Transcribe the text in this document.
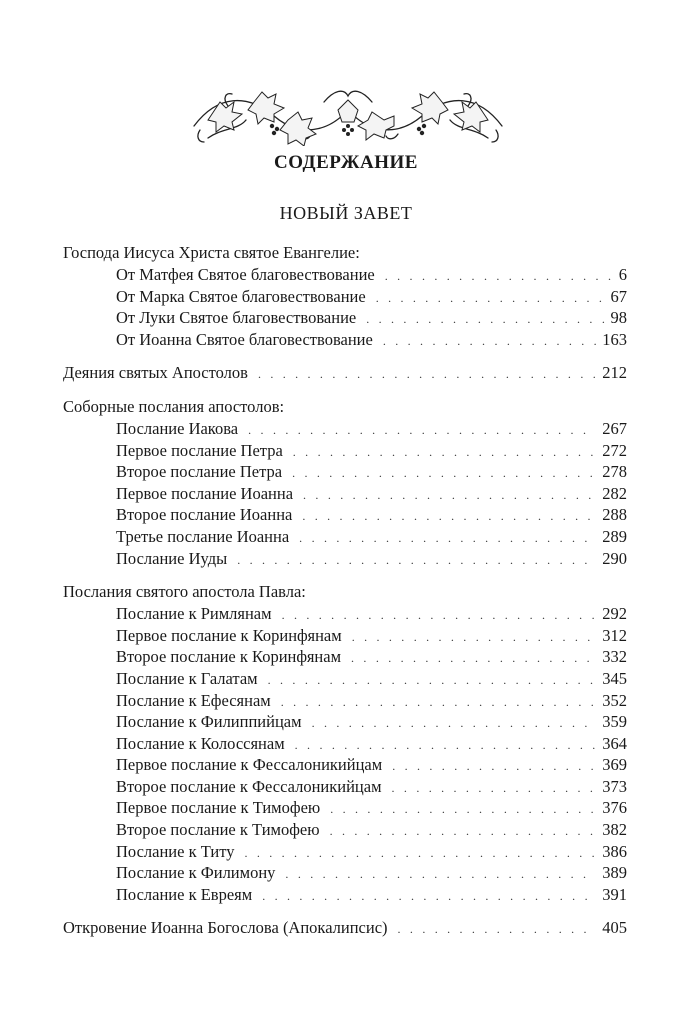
СОДЕРЖАНИЕ
НОВЫЙ ЗАВЕТ
Господа Иисуса Христа святое Евангелие:
От Матфея Святое благовествование . . .	6
От Марка Святое благовествование . . .	67
От Луки Святое благовествование . . .	98
От Иоанна Святое благовествование . . .	163
Деяния святых Апостолов . . .	212
Соборные послания апостолов:
Послание Иакова . . .	267
Первое послание Петра . . .	272
Второе послание Петра . . .	278
Первое послание Иоанна . . .	282
Второе послание Иоанна . . .	288
Третье послание Иоанна . . .	289
Послание Иуды . . .	290
Послания святого апостола Павла:
Послание к Римлянам . . .	292
Первое послание к Коринфянам . . .	312
Второе послание к Коринфянам . . .	332
Послание к Галатам . . .	345
Послание к Ефесянам . . .	352
Послание к Филиппийцам . . .	359
Послание к Колоссянам . . .	364
Первое послание к Фессалоникийцам . . .	369
Второе послание к Фессалоникийцам . . .	373
Первое послание к Тимофею . . .	376
Второе послание к Тимофею . . .	382
Послание к Титу . . .	386
Послание к Филимону . . .	389
Послание к Евреям . . .	391
Откровение Иоанна Богослова (Апокалипсис) . . .	405
